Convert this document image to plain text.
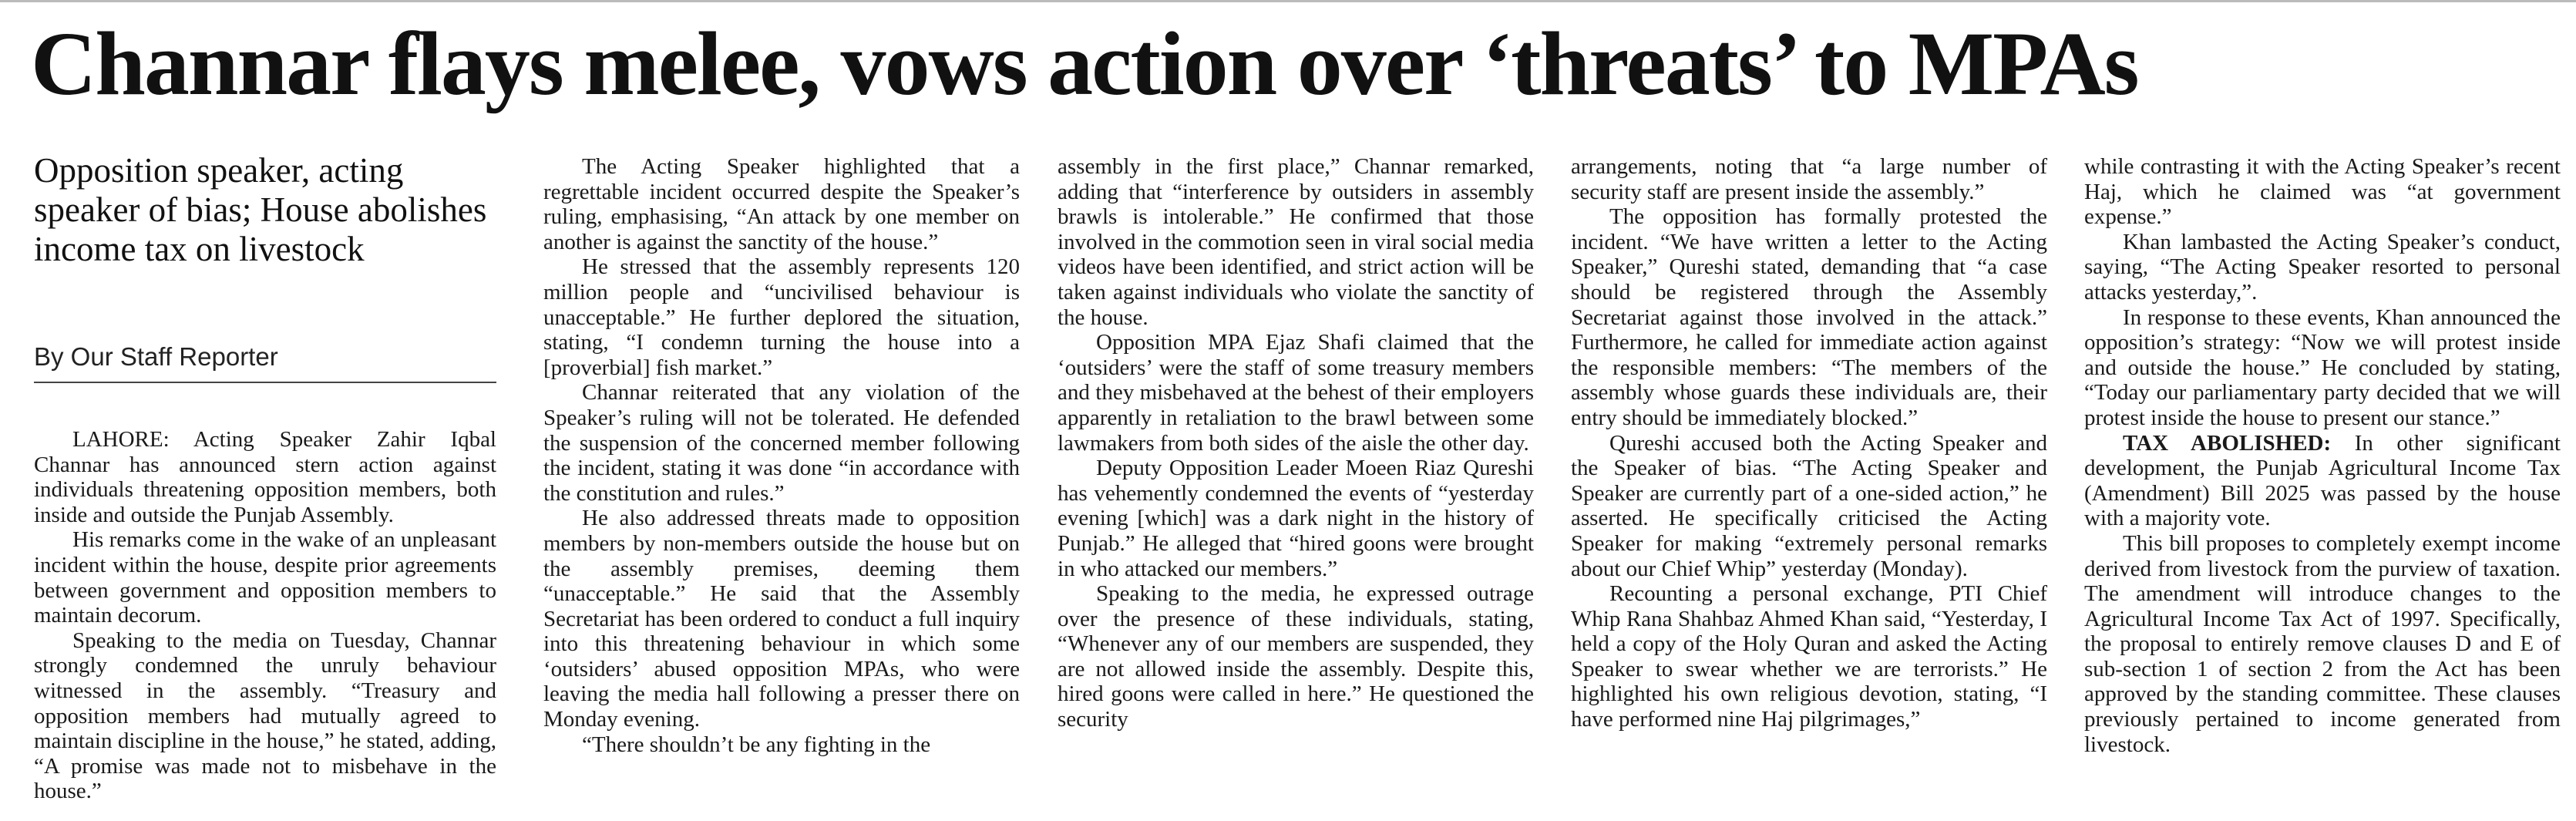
Channar flays melee, vows action over ‘threats’ to MPAs
Opposition speaker, acting speaker of bias; House abolishes income tax on livestock
By Our Staff Reporter

LAHORE: Acting Speaker Zahir Iqbal Channar has announced stern action against individuals threatening opposition members, both inside and outside the Punjab Assembly.

His remarks come in the wake of an unpleasant incident within the house, despite prior agreements between government and opposition members to maintain decorum.

Speaking to the media on Tuesday, Channar strongly condemned the unruly behaviour witnessed in the assembly. “Treasury and opposition members had mutually agreed to maintain discipline in the house,” he stated, adding, “A promise was made not to misbehave in the house.”

The Acting Speaker highlighted that a regrettable incident occurred despite the Speaker’s ruling, emphasising, “An attack by one member on another is against the sanctity of the house.”

He stressed that the assembly represents 120 million people and “uncivilised behaviour is unacceptable.” He further deplored the situation, stating, “I condemn turning the house into a [proverbial] fish market.”

Channar reiterated that any violation of the Speaker’s ruling will not be tolerated. He defended the suspension of the concerned member following the incident, stating it was done “in accordance with the constitution and rules.”

He also addressed threats made to opposition members by non-members outside the house but on the assembly premises, deeming them “unacceptable.” He said that the Assembly Secretariat has been ordered to conduct a full inquiry into this threatening behaviour in which some ‘outsiders’ abused opposition MPAs, who were leaving the media hall following a presser there on Monday evening.

“There shouldn’t be any fighting in the

assembly in the first place,” Channar remarked, adding that “interference by outsiders in assembly brawls is intolerable.” He confirmed that those involved in the commotion seen in viral social media videos have been identified, and strict action will be taken against individuals who violate the sanctity of the house.

Opposition MPA Ejaz Shafi claimed that the ‘outsiders’ were the staff of some treasury members and they misbehaved at the behest of their employers apparently in retaliation to the brawl between some lawmakers from both sides of the aisle the other day.

Deputy Opposition Leader Moeen Riaz Qureshi has vehemently condemned the events of “yesterday evening [which] was a dark night in the history of Punjab.” He alleged that “hired goons were brought in who attacked our members.”

Speaking to the media, he expressed outrage over the presence of these individuals, stating, “Whenever any of our members are suspended, they are not allowed inside the assembly. Despite this, hired goons were called in here.” He questioned the security

arrangements, noting that “a large number of security staff are present inside the assembly.”

The opposition has formally protested the incident. “We have written a letter to the Acting Speaker,” Qureshi stated, demanding that “a case should be registered through the Assembly Secretariat against those involved in the attack.” Furthermore, he called for immediate action against the responsible members: “The members of the assembly whose guards these individuals are, their entry should be immediately blocked.”

Qureshi accused both the Acting Speaker and the Speaker of bias. “The Acting Speaker and Speaker are currently part of a one-sided action,” he asserted. He specifically criticised the Acting Speaker for making “extremely personal remarks about our Chief Whip” yesterday (Monday).

Recounting a personal exchange, PTI Chief Whip Rana Shahbaz Ahmed Khan said, “Yesterday, I held a copy of the Holy Quran and asked the Acting Speaker to swear whether we are terrorists.” He highlighted his own religious devotion, stating, “I have performed nine Haj pilgrimages,”

while contrasting it with the Acting Speaker’s recent Haj, which he claimed was “at government expense.”

Khan lambasted the Acting Speaker’s conduct, saying, “The Acting Speaker resorted to personal attacks yesterday,”.

In response to these events, Khan announced the opposition’s strategy: “Now we will protest inside and outside the house.” He concluded by stating, “Today our parliamentary party decided that we will protest inside the house to present our stance.”

TAX ABOLISHED: In other significant development, the Punjab Agricultural Income Tax (Amendment) Bill 2025 was passed by the house with a majority vote.

This bill proposes to completely exempt income derived from livestock from the purview of taxation. The amendment will introduce changes to the Agricultural Income Tax Act of 1997. Specifically, the proposal to entirely remove clauses D and E of sub-section 1 of section 2 from the Act has been approved by the standing committee. These clauses previously pertained to income generated from livestock.
